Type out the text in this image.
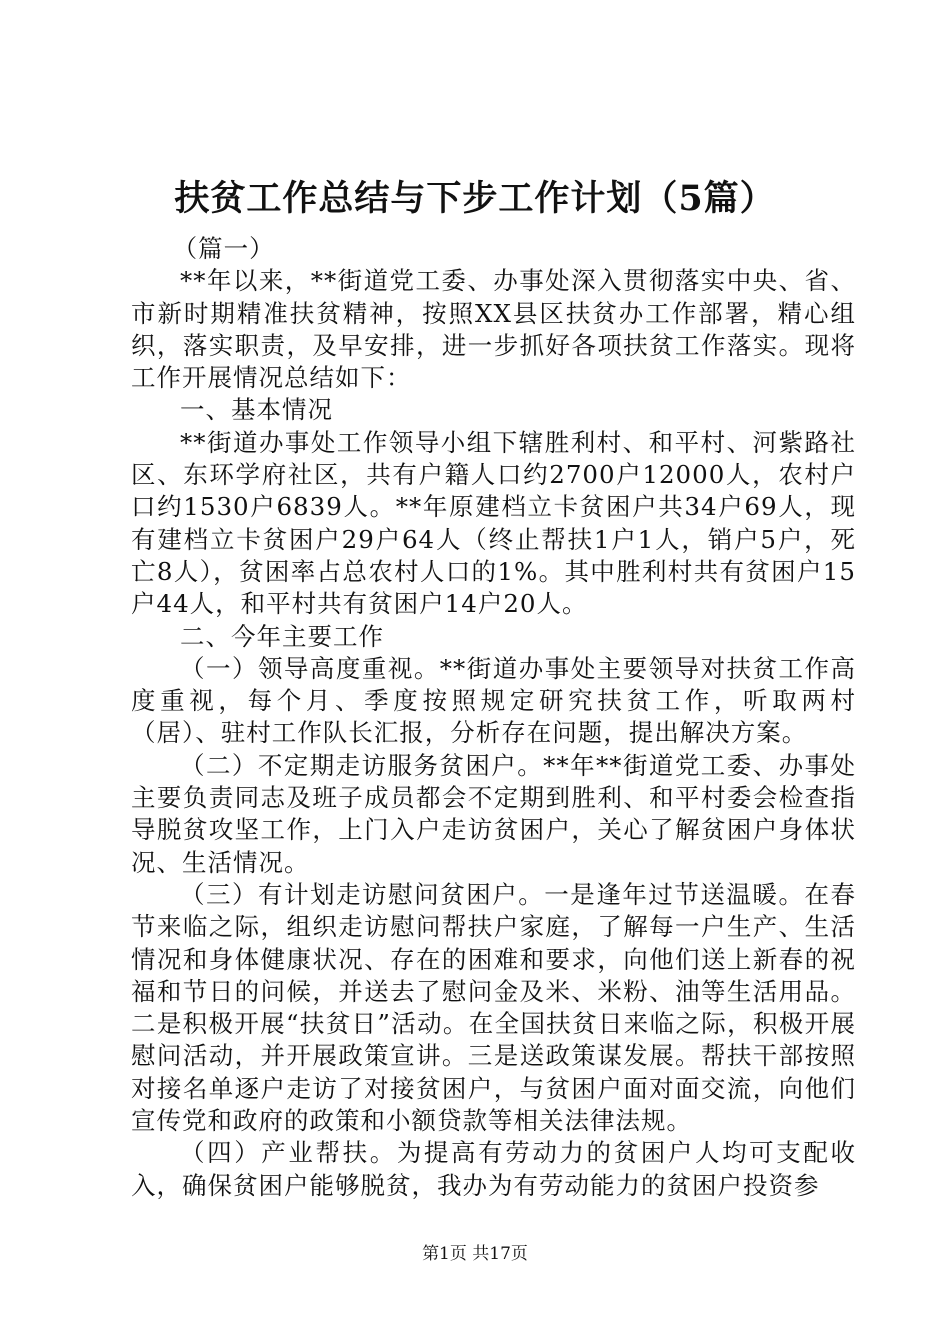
扶贫工作总结与下步工作计划（5篇）

（篇一）

**年以来，**街道党工委、办事处深入贯彻落实中央、省、市新时期精准扶贫精神，按照XX县区扶贫办工作部署，精心组织，落实职责，及早安排，进一步抓好各项扶贫工作落实。现将工作开展情况总结如下：

一、基本情况

**街道办事处工作领导小组下辖胜利村、和平村、河紫路社区、东环学府社区，共有户籍人口约2700户12000人，农村户口约1530户6839人。**年原建档立卡贫困户共34户69人，现有建档立卡贫困户29户64人（终止帮扶1户1人，销户5户，死亡8人），贫困率占总农村人口的1%。其中胜利村共有贫困户15户44人，和平村共有贫困户14户20人。

二、今年主要工作

（一）领导高度重视。**街道办事处主要领导对扶贫工作高度重视，每个月、季度按照规定研究扶贫工作，听取两村（居）、驻村工作队长汇报，分析存在问题，提出解决方案。

（二）不定期走访服务贫困户。**年**街道党工委、办事处主要负责同志及班子成员都会不定期到胜利、和平村委会检查指导脱贫攻坚工作，上门入户走访贫困户，关心了解贫困户身体状况、生活情况。

（三）有计划走访慰问贫困户。一是逢年过节送温暖。在春节来临之际，组织走访慰问帮扶户家庭，了解每一户生产、生活情况和身体健康状况、存在的困难和要求，向他们送上新春的祝福和节日的问候，并送去了慰问金及米、米粉、油等生活用品。二是积极开展“扶贫日”活动。在全国扶贫日来临之际，积极开展慰问活动，并开展政策宣讲。三是送政策谋发展。帮扶干部按照对接名单逐户走访了对接贫困户，与贫困户面对面交流，向他们宣传党和政府的政策和小额贷款等相关法律法规。

（四）产业帮扶。为提高有劳动力的贫困户人均可支配收入，确保贫困户能够脱贫，我办为有劳动能力的贫困户投资参

第1页 共17页
